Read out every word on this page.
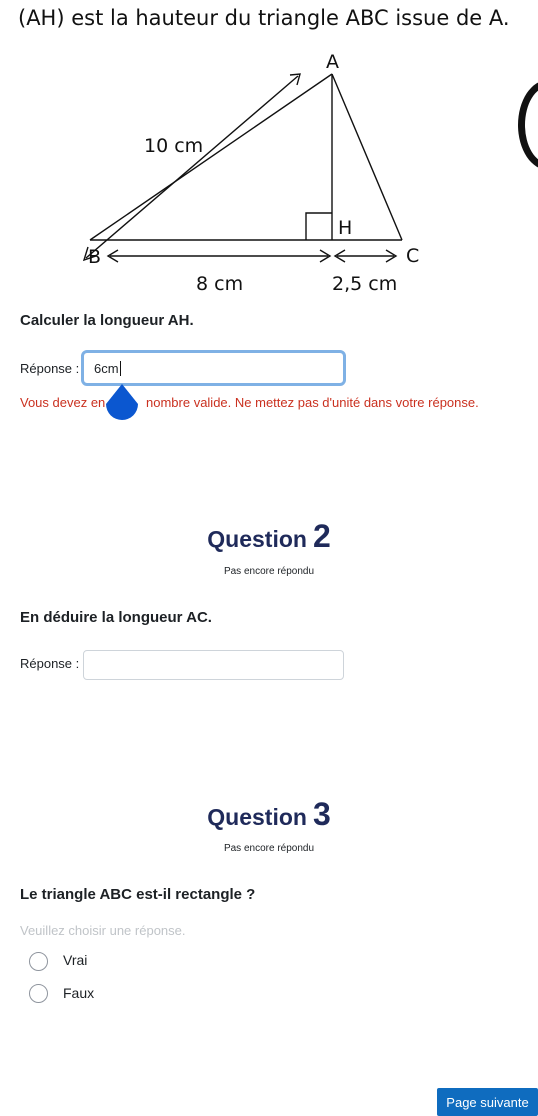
(AH) est la hauteur du triangle ABC issue de A.
A
B	C
H
10 cm
8 cm	2,5 cm
Calculer la longueur AH.
Réponse : 6cm
Vous devez en	nombre valide. Ne mettez pas d'unité dans votre réponse.
Question 2
Pas encore répondu
En déduire la longueur AC.
Réponse :
Question 3
Pas encore répondu
Le triangle ABC est-il rectangle ?
Veuillez choisir une réponse.
Vrai
Faux
Page suivante
